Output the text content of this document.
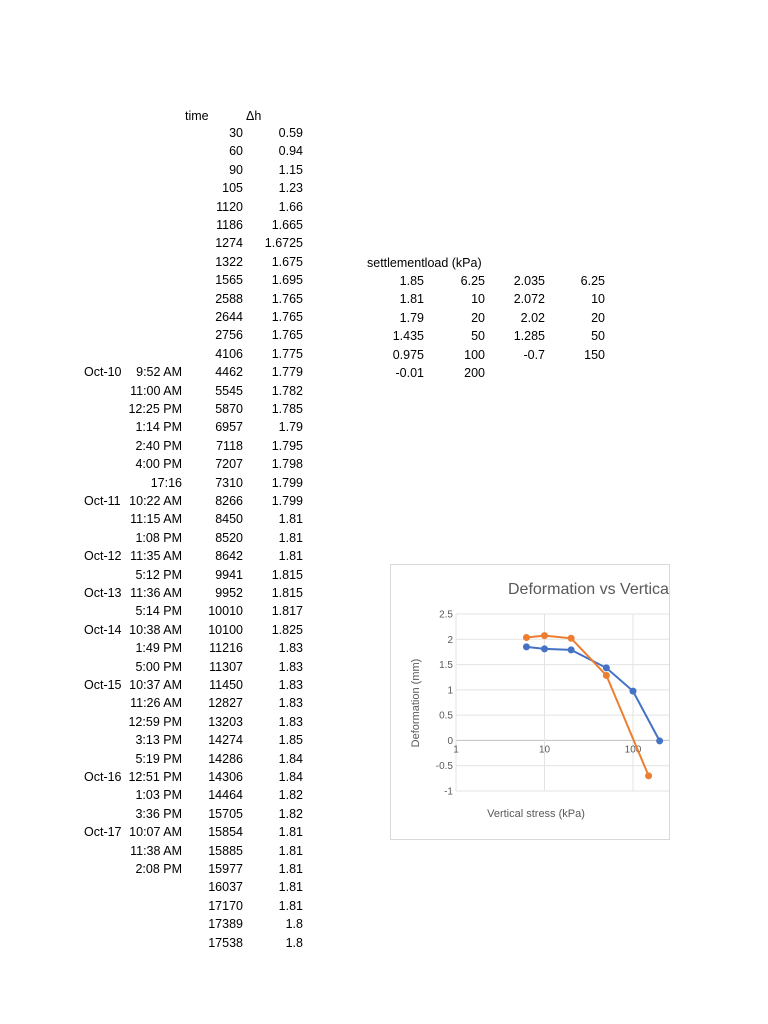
time	Δh
30	0.59
60	0.94
90	1.15
105	1.23
1120	1.66
1186	1.665
1274	1.6725
1322	1.675
1565	1.695
2588	1.765
2644	1.765
2756	1.765
4106	1.775
Oct-10	9:52 AM	4462	1.779
11:00 AM	5545	1.782
12:25 PM	5870	1.785
1:14 PM	6957	1.79
2:40 PM	7118	1.795
4:00 PM	7207	1.798
17:16	7310	1.799
Oct-11 10:22 AM	8266	1.799
11:15 AM	8450	1.81
1:08 PM	8520	1.81
Oct-12 11:35 AM	8642	1.81
5:12 PM	9941	1.815
Oct-13 11:36 AM	9952	1.815
5:14 PM	10010	1.817
Oct-14 10:38 AM	10100	1.825
1:49 PM	11216	1.83
5:00 PM	11307	1.83
Oct-15 10:37 AM	11450	1.83
11:26 AM	12827	1.83
12:59 PM	13203	1.83
3:13 PM	14274	1.85
5:19 PM	14286	1.84
Oct-16 12:51 PM	14306	1.84
1:03 PM	14464	1.82
3:36 PM	15705	1.82
Oct-17 10:07 AM	15854	1.81
11:38 AM	15885	1.81
2:08 PM	15977	1.81
16037	1.81
17170	1.81
17389	1.8
17538	1.8
settlementload (kPa)
1.85	6.25	2.035	6.25
1.81	10	2.072	10
1.79	20	2.02	20
1.435	50	1.285	50
0.975	100	-0.7	150
-0.01	200
Deformation vs Vertica
Vertical stress (kPa)
Deformation (mm)
2.5
2
1.5
1
0.5
0
-0.5
-1
1	10	100
